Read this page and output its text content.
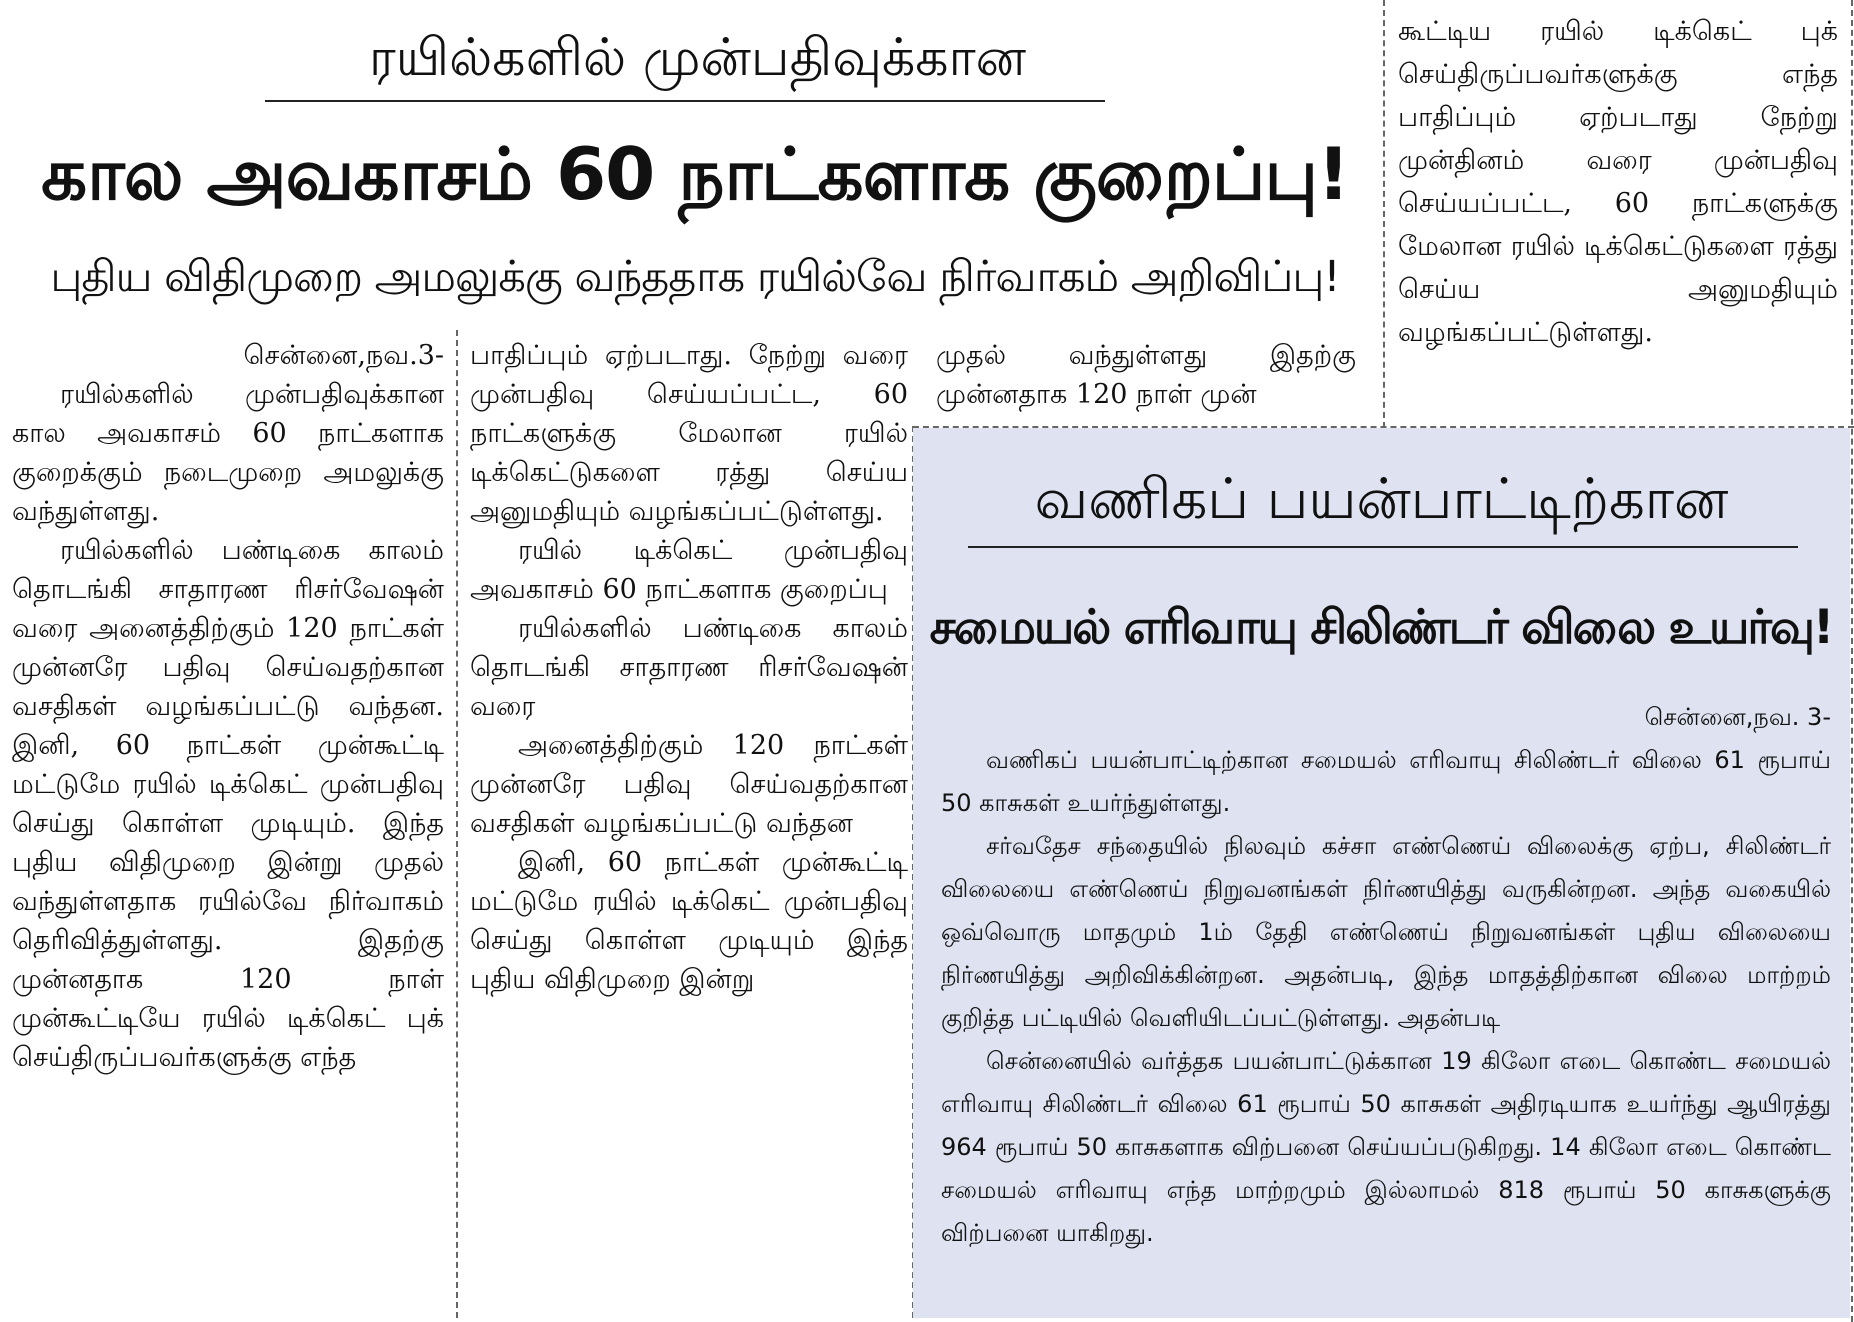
ரயில்களில் முன்பதிவுக்கான
கால அவகாசம் 60 நாட்களாக குறைப்பு!
புதிய விதிமுறை அமலுக்கு வந்ததாக ரயில்வே நிர்வாகம் அறிவிப்பு!

சென்னை,நவ.3-

ரயில்களில் முன்பதிவுக்கான கால அவகாசம் 60 நாட்களாக குறைக்கும் நடைமுறை அமலுக்கு வந்துள்ளது.

ரயில்களில் பண்டிகை காலம் தொடங்கி சாதாரண ரிசர்வேஷன் வரை அனைத்திற்கும் 120 நாட்கள் முன்னரே பதிவு செய்வதற்கான வசதிகள் வழங்கப்பட்டு வந்தன. இனி, 60 நாட்கள் முன்கூட்டி மட்டுமே ரயில் டிக்கெட் முன்பதிவு செய்து கொள்ள முடியும். இந்த புதிய விதிமுறை இன்று முதல் வந்துள்ளதாக ரயில்வே நிர்வாகம் தெரிவித்துள்ளது. இதற்கு முன்னதாக 120 நாள் முன்கூட்டியே ரயில் டிக்கெட் புக் செய்திருப்பவர்களுக்கு எந்த

பாதிப்பும் ஏற்படாது. நேற்று வரை முன்பதிவு செய்யப்பட்ட, 60 நாட்களுக்கு மேலான ரயில் டிக்கெட்டுகளை ரத்து செய்ய அனுமதியும் வழங்கப்பட்டுள்ளது.

ரயில் டிக்கெட் முன்பதிவு அவகாசம் 60 நாட்களாக குறைப்பு

ரயில்களில் பண்டிகை காலம் தொடங்கி சாதாரண ரிசர்வேஷன் வரை

அனைத்திற்கும் 120 நாட்கள் முன்னரே பதிவு செய்வதற்கான வசதிகள் வழங்கப்பட்டு வந்தன

இனி, 60 நாட்கள் முன்கூட்டி மட்டுமே ரயில் டிக்கெட் முன்பதிவு செய்து கொள்ள முடியும் இந்த புதிய விதிமுறை இன்று

முதல் வந்துள்ளது இதற்கு முன்னதாக 120 நாள் முன்

கூட்டிய ரயில் டிக்கெட் புக் செய்திருப்பவர்களுக்கு எந்த பாதிப்பும் ஏற்படாது நேற்று முன்தினம் வரை முன்பதிவு செய்யப்பட்ட, 60 நாட்களுக்கு மேலான ரயில் டிக்கெட்டுகளை ரத்து செய்ய அனுமதியும் வழங்கப்பட்டுள்ளது.

வணிகப் பயன்பாட்டிற்கான
சமையல் எரிவாயு சிலிண்டர் விலை உயர்வு!

சென்னை,நவ. 3-

வணிகப் பயன்பாட்டிற்கான சமையல் எரிவாயு சிலிண்டர் விலை 61 ரூபாய் 50 காசுகள் உயர்ந்துள்ளது.

சர்வதேச சந்தையில் நிலவும் கச்சா எண்ணெய் விலைக்கு ஏற்ப, சிலிண்டர் விலையை எண்ணெய் நிறுவனங்கள் நிர்ணயித்து வருகின்றன. அந்த வகையில் ஒவ்வொரு மாதமும் 1ம் தேதி எண்ணெய் நிறுவனங்கள் புதிய விலையை நிர்ணயித்து அறிவிக்கின்றன. அதன்படி, இந்த மாதத்திற்கான விலை மாற்றம் குறித்த பட்டியில் வெளியிடப்பட்டுள்ளது. அதன்படி

சென்னையில் வர்த்தக பயன்பாட்டுக்கான 19 கிலோ எடை கொண்ட சமையல் எரிவாயு சிலிண்டர் விலை 61 ரூபாய் 50 காசுகள் அதிரடியாக உயர்ந்து ஆயிரத்து 964 ரூபாய் 50 காசுகளாக விற்பனை செய்யப்படுகிறது. 14 கிலோ எடை கொண்ட சமையல் எரிவாயு எந்த மாற்றமும் இல்லாமல் 818 ரூபாய் 50 காசுகளுக்கு விற்பனை யாகிறது.
